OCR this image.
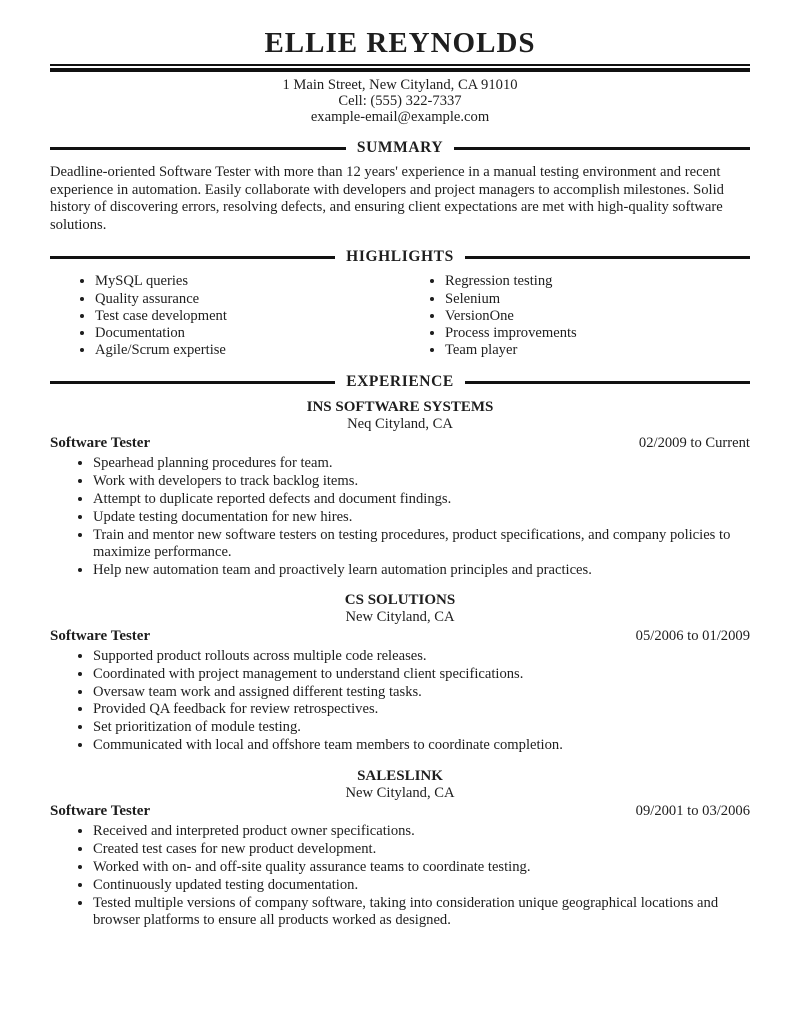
ELLIE REYNOLDS
1 Main Street, New Cityland, CA 91010
Cell: (555) 322-7337
example-email@example.com
SUMMARY
Deadline-oriented Software Tester with more than 12 years' experience in a manual testing environment and recent experience in automation. Easily collaborate with developers and project managers to accomplish milestones. Solid history of discovering errors, resolving defects, and ensuring client expectations are met with high-quality software solutions.
HIGHLIGHTS
• MySQL queries
• Quality assurance
• Test case development
• Documentation
• Agile/Scrum expertise
• Regression testing
• Selenium
• VersionOne
• Process improvements
• Team player
EXPERIENCE
INS SOFTWARE SYSTEMS
Neq Cityland, CA
Software Tester	02/2009 to Current
• Spearhead planning procedures for team.
• Work with developers to track backlog items.
• Attempt to duplicate reported defects and document findings.
• Update testing documentation for new hires.
• Train and mentor new software testers on testing procedures, product specifications, and company policies to maximize performance.
• Help new automation team and proactively learn automation principles and practices.
CS SOLUTIONS
New Cityland, CA
Software Tester	05/2006 to 01/2009
• Supported product rollouts across multiple code releases.
• Coordinated with project management to understand client specifications.
• Oversaw team work and assigned different testing tasks.
• Provided QA feedback for review retrospectives.
• Set prioritization of module testing.
• Communicated with local and offshore team members to coordinate completion.
SALESLINK
New Cityland, CA
Software Tester	09/2001 to 03/2006
• Received and interpreted product owner specifications.
• Created test cases for new product development.
• Worked with on- and off-site quality assurance teams to coordinate testing.
• Continuously updated testing documentation.
• Tested multiple versions of company software, taking into consideration unique geographical locations and browser platforms to ensure all products worked as designed.
